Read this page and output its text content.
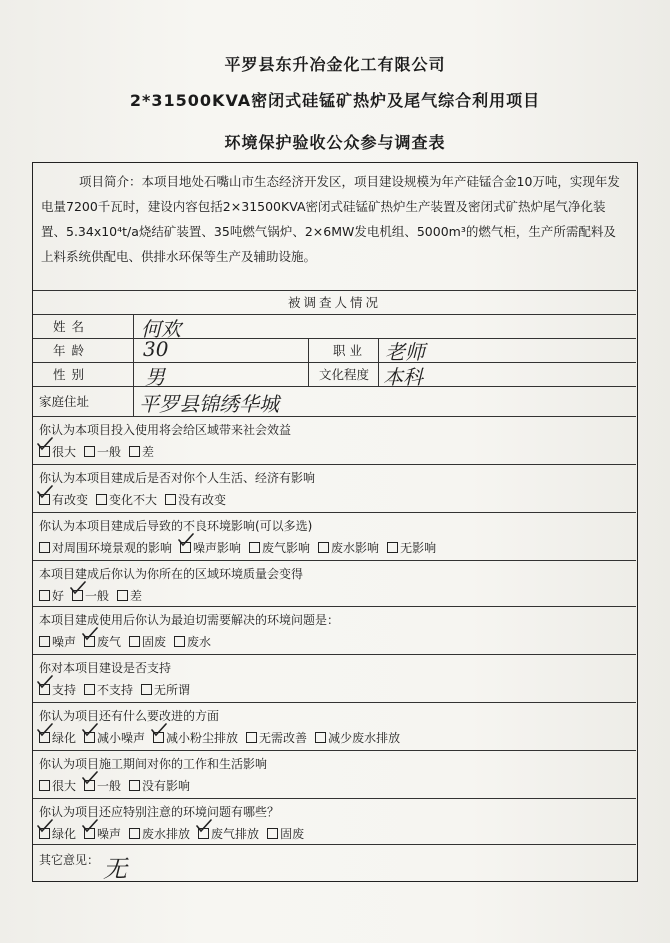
平罗县东升冶金化工有限公司
2*31500KVA密闭式硅锰矿热炉及尾气综合利用项目
环境保护验收公众参与调查表
项目简介：本项目地处石嘴山市生态经济开发区，项目建设规模为年产硅锰合金10万吨，实现年发电量7200千瓦时，建设内容包括2×31500KVA密闭式硅锰矿热炉生产装置及密闭式矿热炉尾气净化装置、5.34x10⁴t/a烧结矿装置、35吨燃气锅炉、2×6MW发电机组、5000m³的燃气柜，生产所需配料及上料系统供配电、供排水环保等生产及辅助设施。
被调查人情况
姓名	何欢
年龄	30	职业 老师
性别	男	文化程度 本科
家庭住址	平罗县锦绣华城
你认为本项目投入使用将会给区域带来社会效益
很大 一般 差
你认为本项目建成后是否对你个人生活、经济有影响
有改变 变化不大 没有改变
你认为本项目建成后导致的不良环境影响(可以多选)
对周围环境景观的影响 噪声影响 废气影响 废水影响 无影响
本项目建成后你认为你所在的区域环境质量会变得
好 一般 差
本项目建成使用后你认为最迫切需要解决的环境问题是：
噪声 废气 固废 废水
你对本项目建设是否支持
支持 不支持 无所谓
你认为项目还有什么要改进的方面
绿化 减小噪声 减小粉尘排放 无需改善 减少废水排放
你认为项目施工期间对你的工作和生活影响
很大 一般 没有影响
你认为项目还应特别注意的环境问题有哪些？
绿化 噪声 废水排放 废气排放 固废
其它意见： 无
